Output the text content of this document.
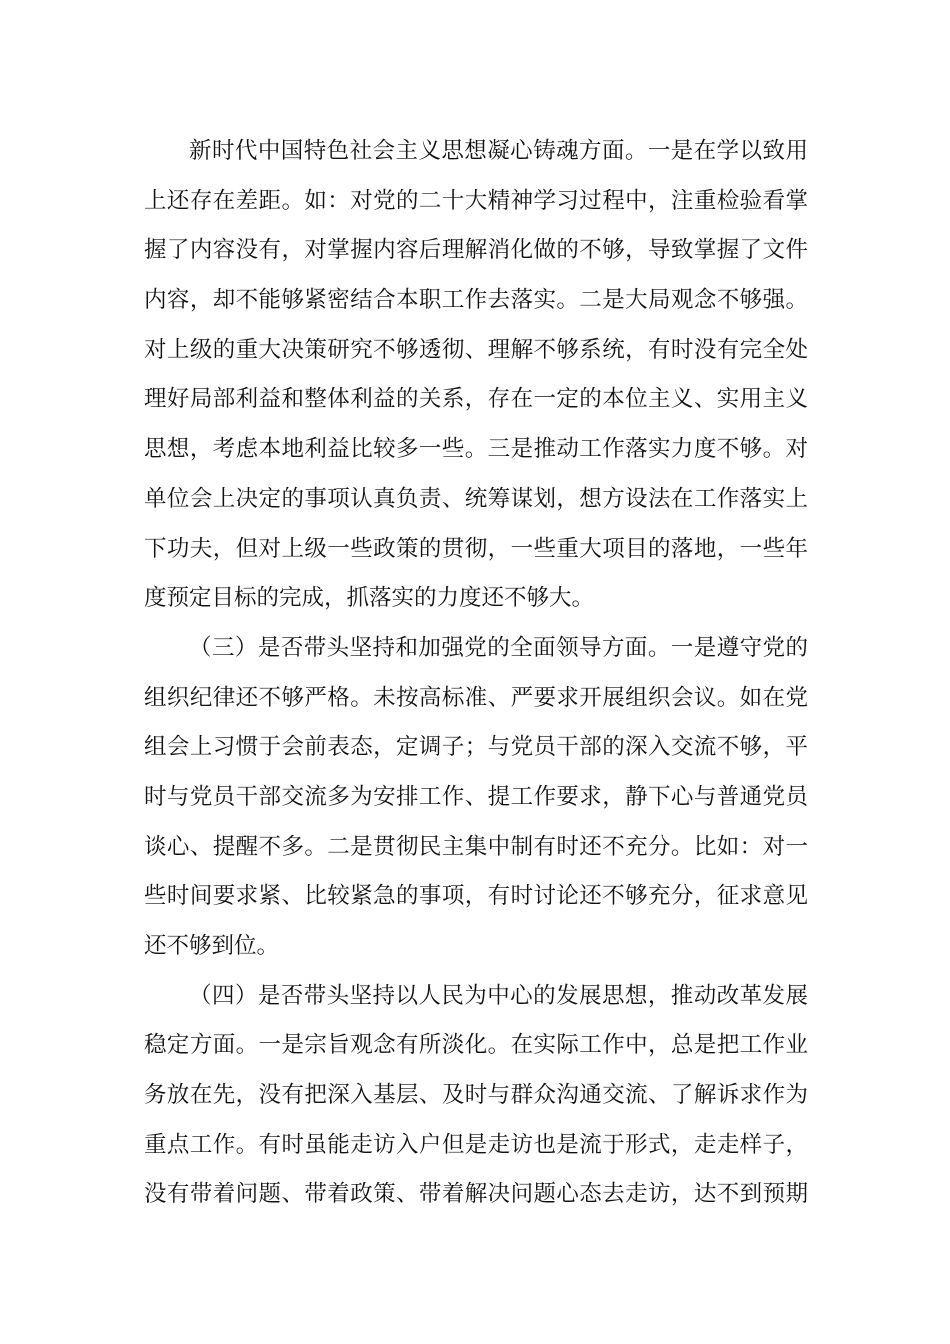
新时代中国特色社会主义思想凝心铸魂方面。一是在学以致用
上还存在差距。如：对党的二十大精神学习过程中，注重检验看掌
握了内容没有，对掌握内容后理解消化做的不够，导致掌握了文件
内容，却不能够紧密结合本职工作去落实。二是大局观念不够强。
对上级的重大决策研究不够透彻、理解不够系统，有时没有完全处
理好局部利益和整体利益的关系，存在一定的本位主义、实用主义
思想，考虑本地利益比较多一些。三是推动工作落实力度不够。对
单位会上决定的事项认真负责、统筹谋划，想方设法在工作落实上
下功夫，但对上级一些政策的贯彻，一些重大项目的落地，一些年
度预定目标的完成，抓落实的力度还不够大。
（三）是否带头坚持和加强党的全面领导方面。一是遵守党的
组织纪律还不够严格。未按高标准、严要求开展组织会议。如在党
组会上习惯于会前表态，定调子；与党员干部的深入交流不够，平
时与党员干部交流多为安排工作、提工作要求，静下心与普通党员
谈心、提醒不多。二是贯彻民主集中制有时还不充分。比如：对一
些时间要求紧、比较紧急的事项，有时讨论还不够充分，征求意见
还不够到位。
（四）是否带头坚持以人民为中心的发展思想，推动改革发展
稳定方面。一是宗旨观念有所淡化。在实际工作中，总是把工作业
务放在先，没有把深入基层、及时与群众沟通交流、了解诉求作为
重点工作。有时虽能走访入户但是走访也是流于形式，走走样子，
没有带着问题、带着政策、带着解决问题心态去走访，达不到预期
